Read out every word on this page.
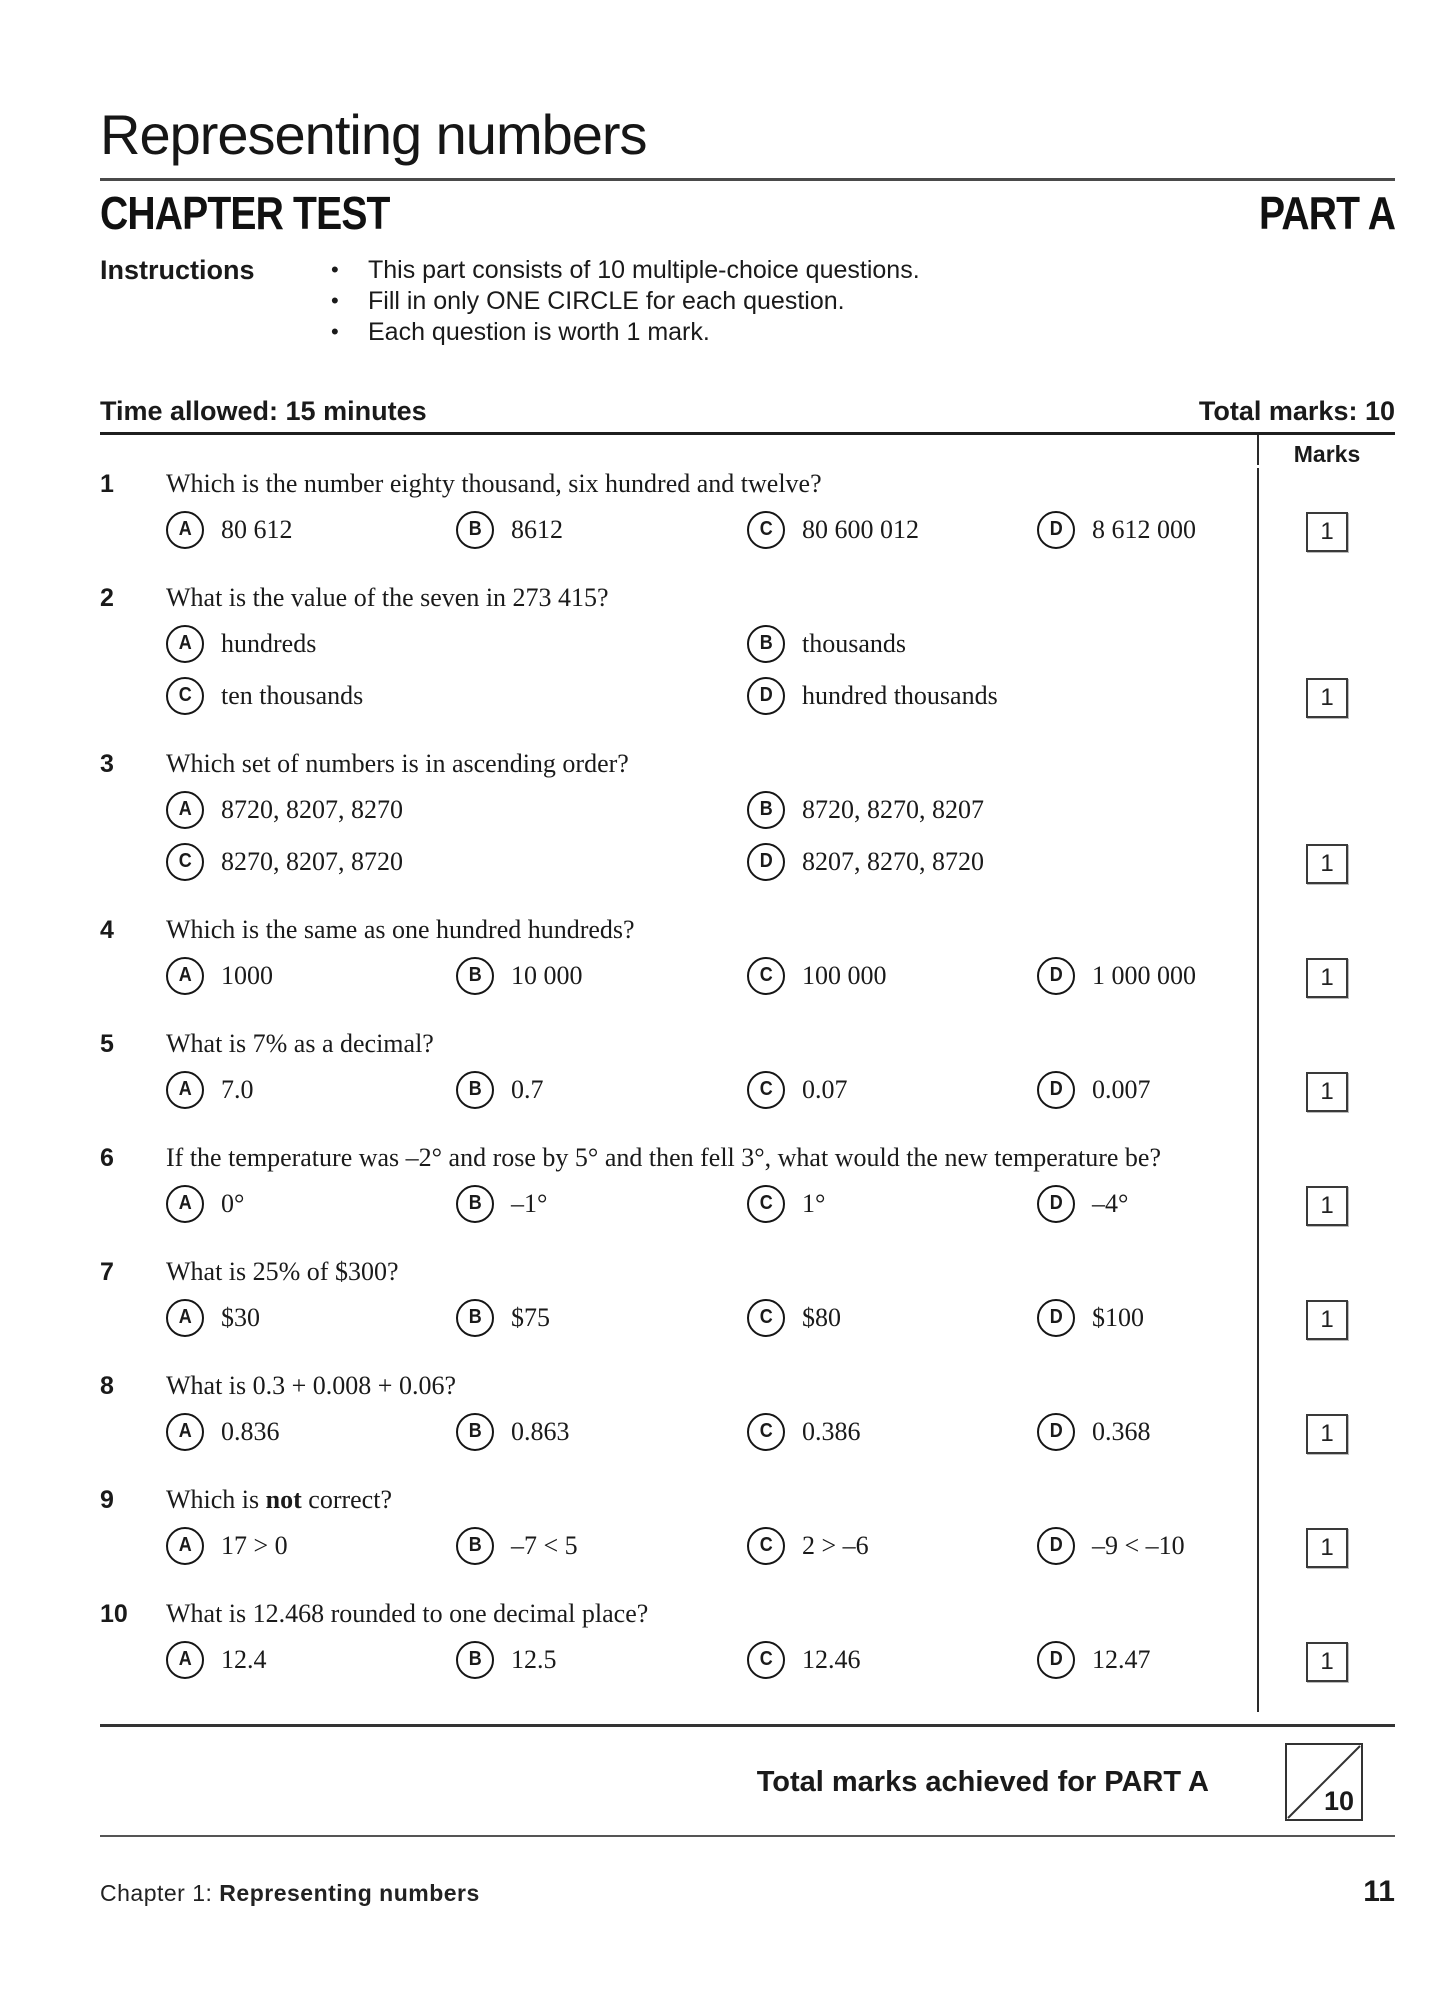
Representing numbers
CHAPTER TEST	PART A
Instructions	• This part consists of 10 multiple-choice questions.
• Fill in only ONE CIRCLE for each question.
• Each question is worth 1 mark.
Time allowed: 15 minutes	Total marks: 10
Marks
1	Which is the number eighty thousand, six hundred and twelve?
A 80 612	B 8612	C 80 600 012	D 8 612 000	1
2	What is the value of the seven in 273 415?
A hundreds	B thousands
C ten thousands	D hundred thousands	1
3	Which set of numbers is in ascending order?
A 8720, 8207, 8270	B 8720, 8270, 8207
C 8270, 8207, 8720	D 8207, 8270, 8720	1
4	Which is the same as one hundred hundreds?
A 1000	B 10 000	C 100 000	D 1 000 000	1
5	What is 7% as a decimal?
A 7.0	B 0.7	C 0.07	D 0.007	1
6	If the temperature was –2° and rose by 5° and then fell 3°, what would the new temperature be?
A 0°	B –1°	C 1°	D –4°	1
7	What is 25% of $300?
A $30	B $75	C $80	D $100	1
8	What is 0.3 + 0.008 + 0.06?
A 0.836	B 0.863	C 0.386	D 0.368	1
9	Which is not correct?
A 17 > 0	B –7 < 5	C 2 > –6	D –9 < –10	1
10	What is 12.468 rounded to one decimal place?
A 12.4	B 12.5	C 12.46	D 12.47	1
Total marks achieved for PART A
10
Chapter 1: Representing numbers	11
